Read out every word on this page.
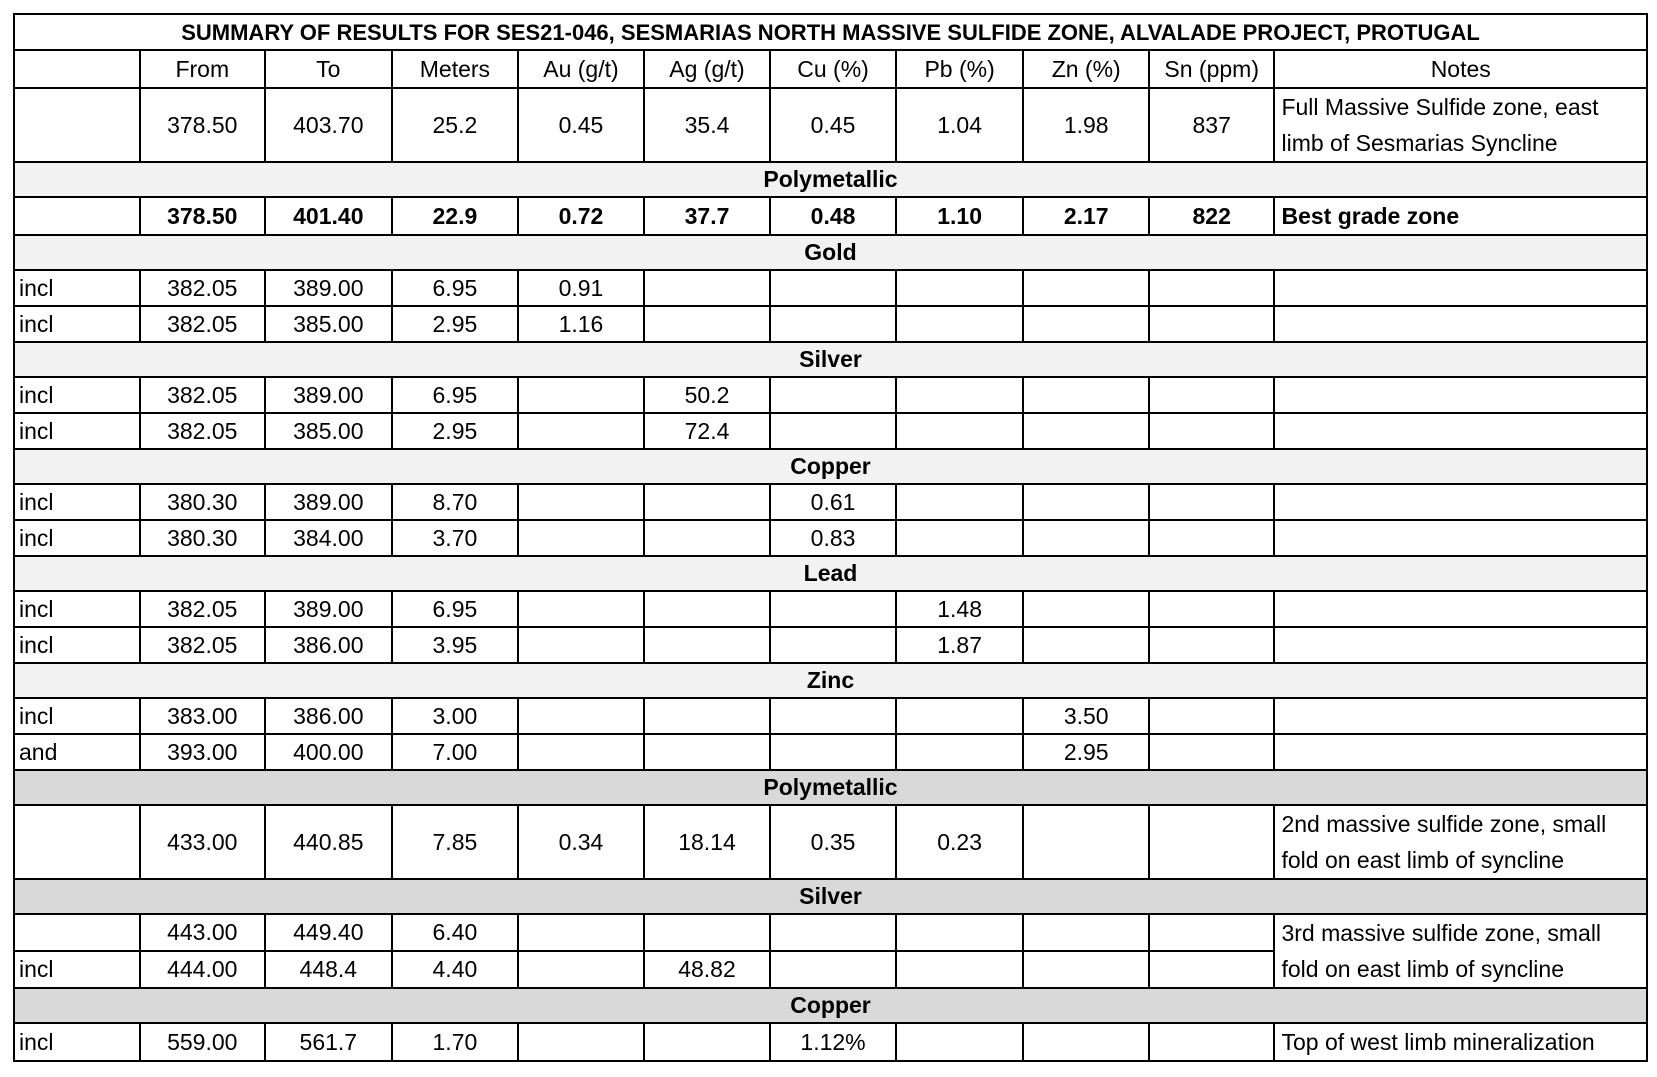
SUMMARY OF RESULTS FOR SES21-046, SESMARIAS NORTH MASSIVE SULFIDE ZONE, ALVALADE PROJECT, PROTUGAL										
	From	To	Meters	Au (g/t)	Ag (g/t)	Cu (%)	Pb (%)	Zn (%)	Sn (ppm)	Notes
	378.50	403.70	25.2	0.45	35.4	0.45	1.04	1.98	837	Full Massive Sulfide zone, east limb of Sesmarias Syncline
Polymetallic										
	378.50	401.40	22.9	0.72	37.7	0.48	1.10	2.17	822	Best grade zone
Gold										
incl	382.05	389.00	6.95	0.91						
incl	382.05	385.00	2.95	1.16						
Silver										
incl	382.05	389.00	6.95		50.2					
incl	382.05	385.00	2.95		72.4					
Copper										
incl	380.30	389.00	8.70			0.61				
incl	380.30	384.00	3.70			0.83				
Lead										
incl	382.05	389.00	6.95				1.48			
incl	382.05	386.00	3.95				1.87			
Zinc										
incl	383.00	386.00	3.00					3.50		
and	393.00	400.00	7.00					2.95		
Polymetallic										
	433.00	440.85	7.85	0.34	18.14	0.35	0.23			2nd massive sulfide zone, small fold on east limb of syncline
Silver										
	443.00	449.40	6.40							3rd massive sulfide zone, small fold on east limb of syncline
incl	444.00	448.4	4.40		48.82					
Copper										
incl	559.00	561.7	1.70			1.12%				Top of west limb mineralization
